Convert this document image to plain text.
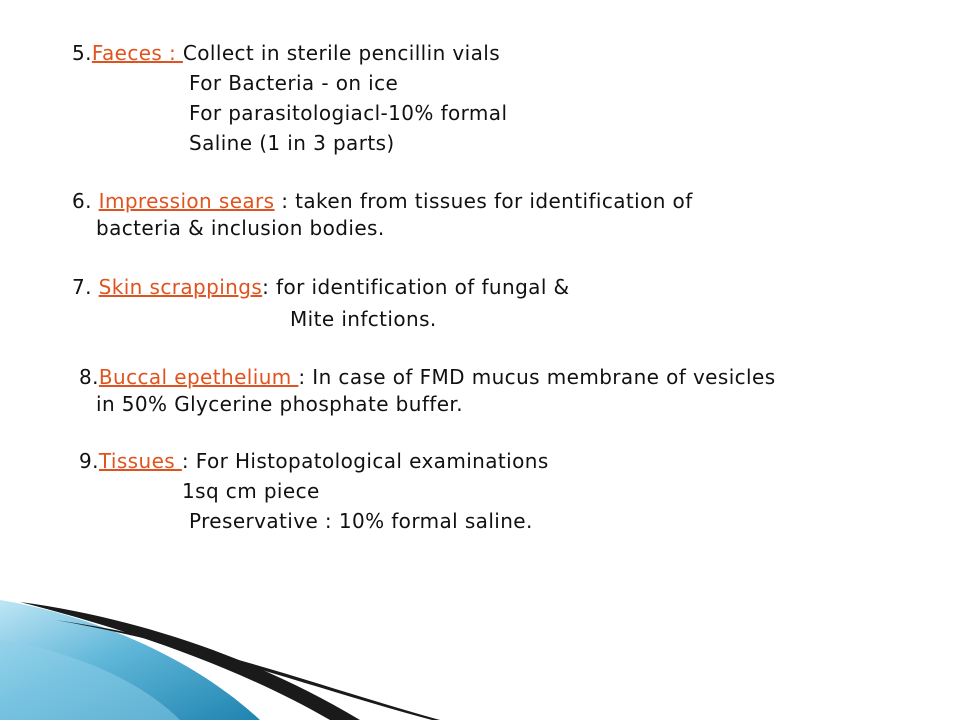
5.Faeces : Collect in sterile pencillin vials
For Bacteria - on ice
For parasitologiacl-10% formal
Saline (1 in 3 parts)
6. Impression sears : taken from tissues for identification of
bacteria & inclusion bodies.
7. Skin scrappings: for identification of fungal &
Mite infctions.
8.Buccal epethelium : In case of FMD mucus membrane of vesicles
in 50% Glycerine phosphate buffer.
9.Tissues : For Histopatological examinations
1sq cm piece
Preservative : 10% formal saline.
